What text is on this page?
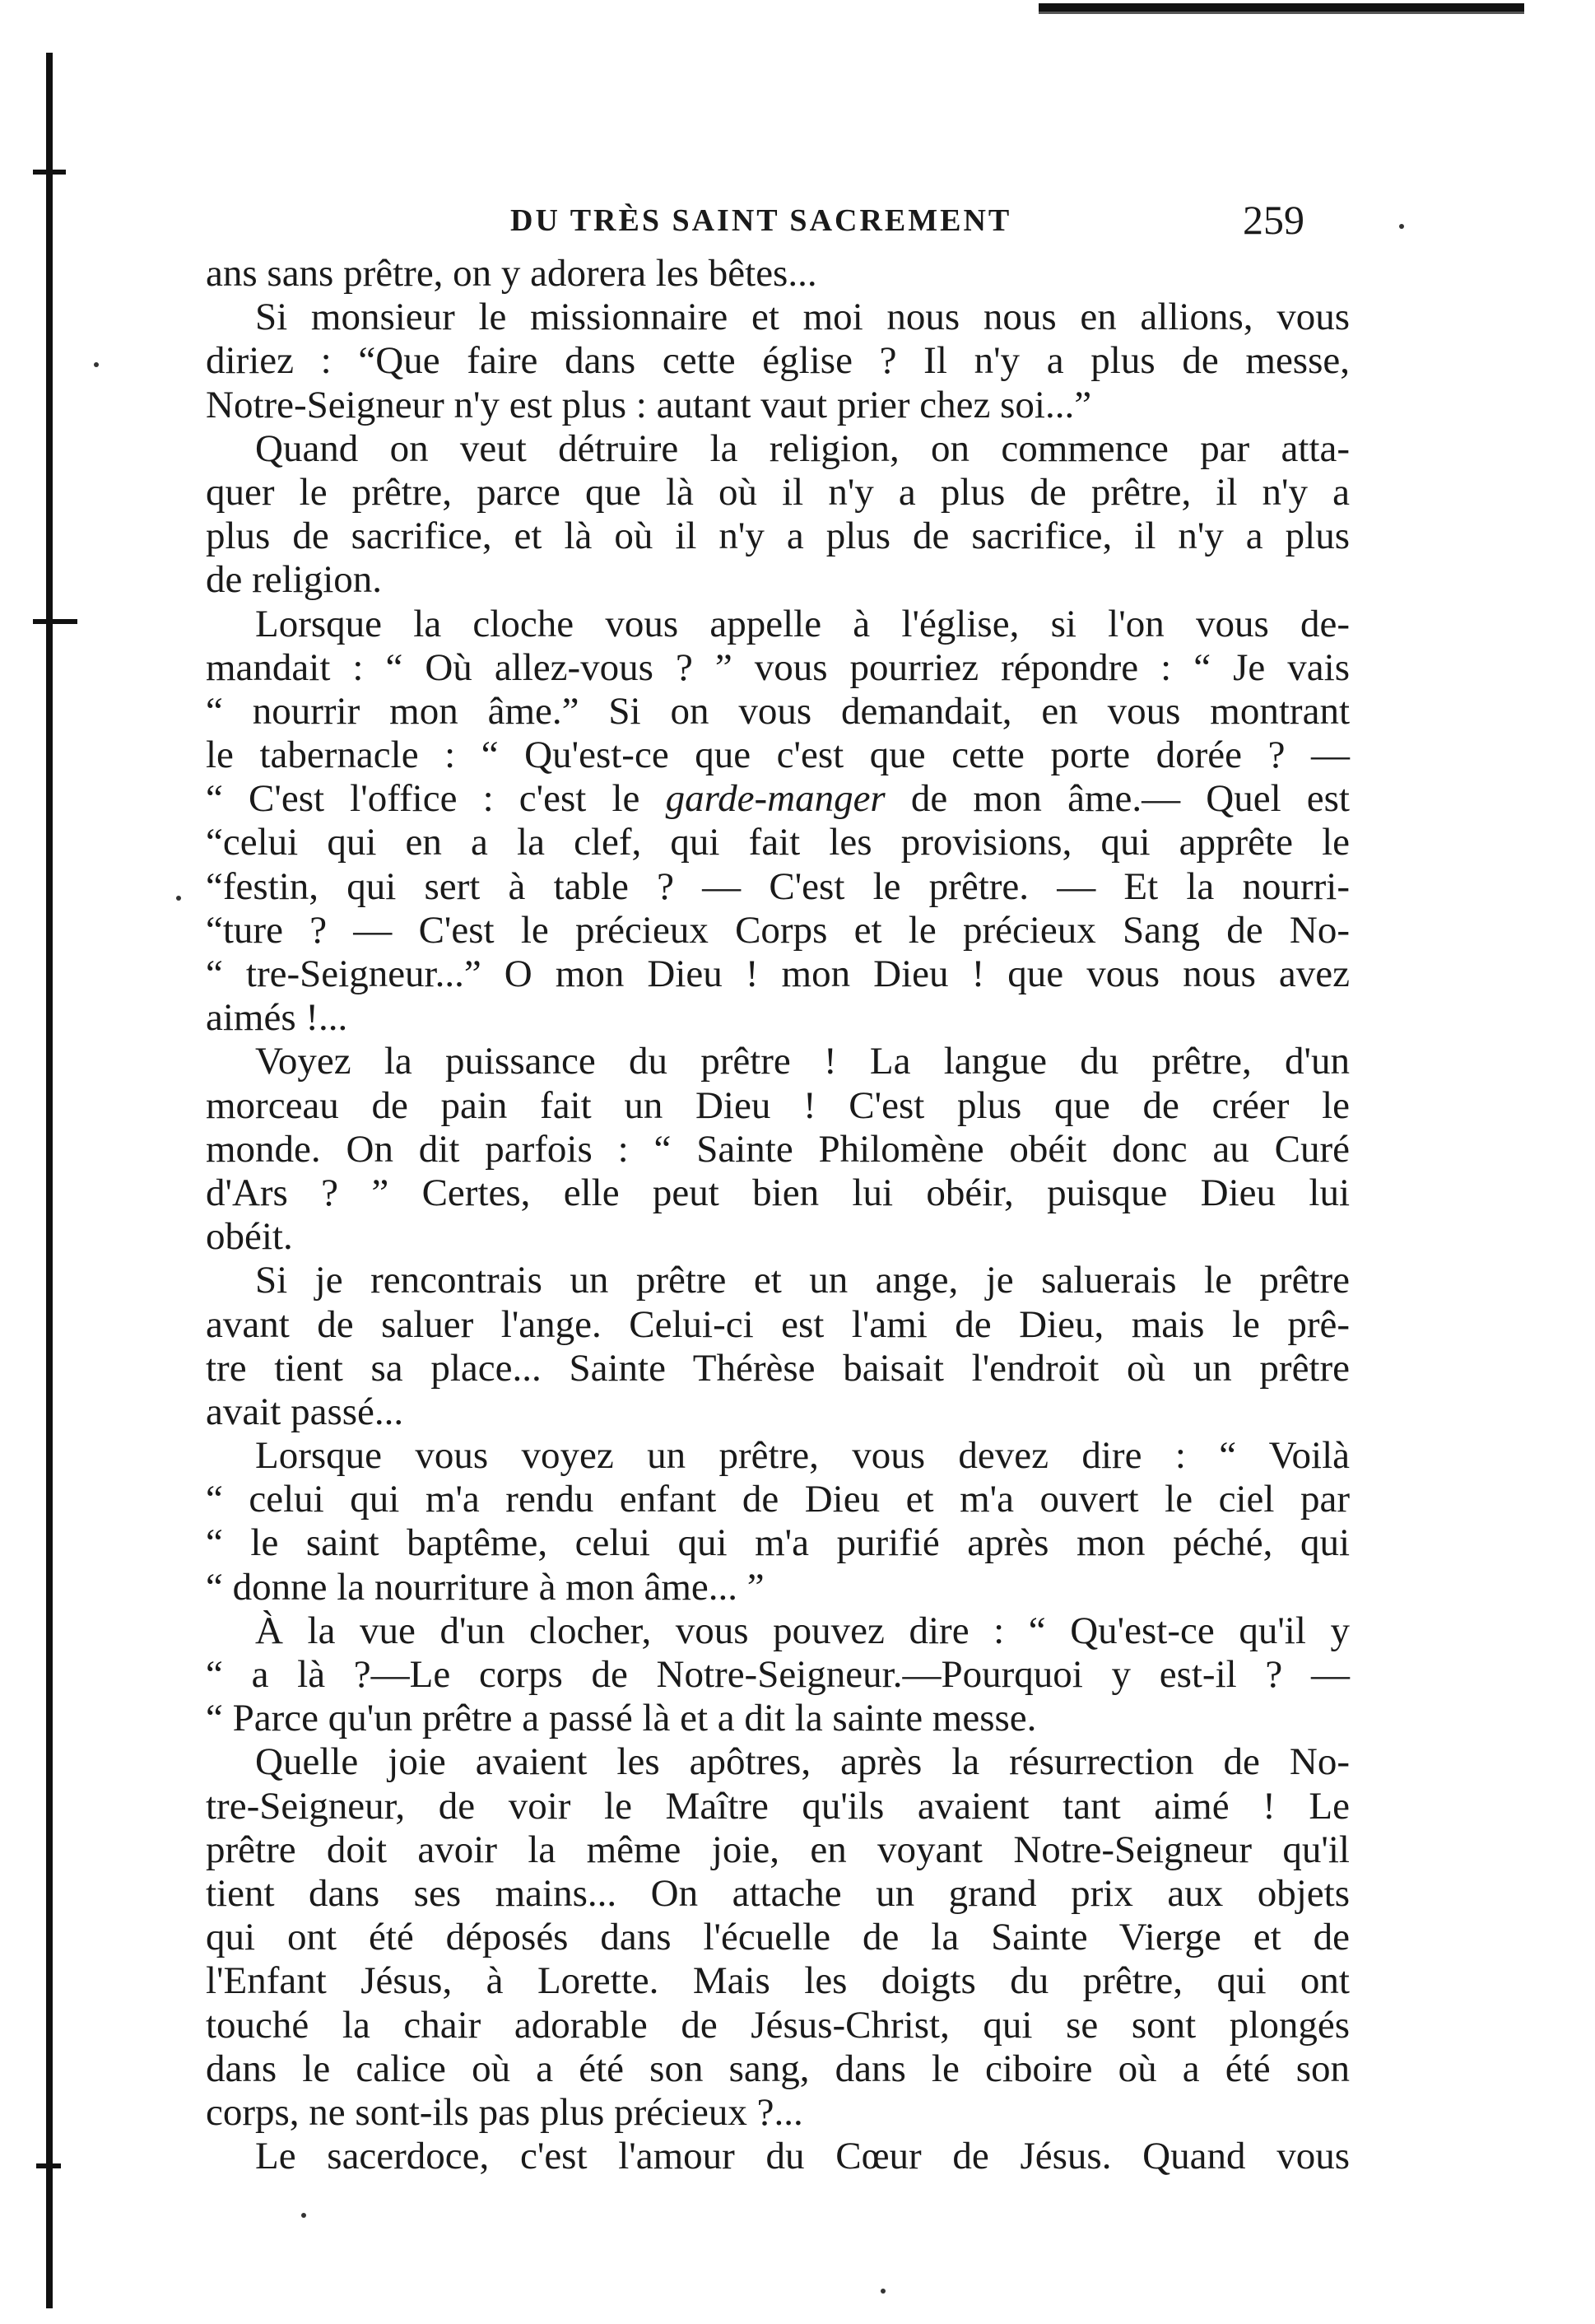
DU TRÈS SAINT SACREMENT	259
ans sans prêtre, on y adorera les bêtes...
Si monsieur le missionnaire et moi nous nous en allions, vous
diriez : “Que faire dans cette église ? Il n'y a plus de messe,
Notre-Seigneur n'y est plus : autant vaut prier chez soi...”
Quand on veut détruire la religion, on commence par atta-
quer le prêtre, parce que là où il n'y a plus de prêtre, il n'y a
plus de sacrifice, et là où il n'y a plus de sacrifice, il n'y a plus
de religion.
Lorsque la cloche vous appelle à l'église, si l'on vous de-
mandait : “ Où allez-vous ? ” vous pourriez répondre : “ Je vais
“ nourrir mon âme.” Si on vous demandait, en vous montrant
le tabernacle : “ Qu'est-ce que c'est que cette porte dorée ? —
“ C'est l'office : c'est le garde-manger de mon âme.— Quel est
“celui qui en a la clef, qui fait les provisions, qui apprête le
“festin, qui sert à table ? — C'est le prêtre. — Et la nourri-
“ture ? — C'est le précieux Corps et le précieux Sang de No-
“ tre-Seigneur...” O mon Dieu ! mon Dieu ! que vous nous avez
aimés !...
Voyez la puissance du prêtre ! La langue du prêtre, d'un
morceau de pain fait un Dieu ! C'est plus que de créer le
monde. On dit parfois : “ Sainte Philomène obéit donc au Curé
d'Ars ? ” Certes, elle peut bien lui obéir, puisque Dieu lui
obéit.
Si je rencontrais un prêtre et un ange, je saluerais le prêtre
avant de saluer l'ange. Celui-ci est l'ami de Dieu, mais le prê-
tre tient sa place... Sainte Thérèse baisait l'endroit où un prêtre
avait passé...
Lorsque vous voyez un prêtre, vous devez dire : “ Voilà
“ celui qui m'a rendu enfant de Dieu et m'a ouvert le ciel par
“ le saint baptême, celui qui m'a purifié après mon péché, qui
“ donne la nourriture à mon âme... ”
À la vue d'un clocher, vous pouvez dire : “ Qu'est-ce qu'il y
“ a là ?—Le corps de Notre-Seigneur.—Pourquoi y est-il ? —
“ Parce qu'un prêtre a passé là et a dit la sainte messe.
Quelle joie avaient les apôtres, après la résurrection de No-
tre-Seigneur, de voir le Maître qu'ils avaient tant aimé ! Le
prêtre doit avoir la même joie, en voyant Notre-Seigneur qu'il
tient dans ses mains... On attache un grand prix aux objets
qui ont été déposés dans l'écuelle de la Sainte Vierge et de
l'Enfant Jésus, à Lorette. Mais les doigts du prêtre, qui ont
touché la chair adorable de Jésus-Christ, qui se sont plongés
dans le calice où a été son sang, dans le ciboire où a été son
corps, ne sont-ils pas plus précieux ?...
Le sacerdoce, c'est l'amour du Cœur de Jésus. Quand vous
